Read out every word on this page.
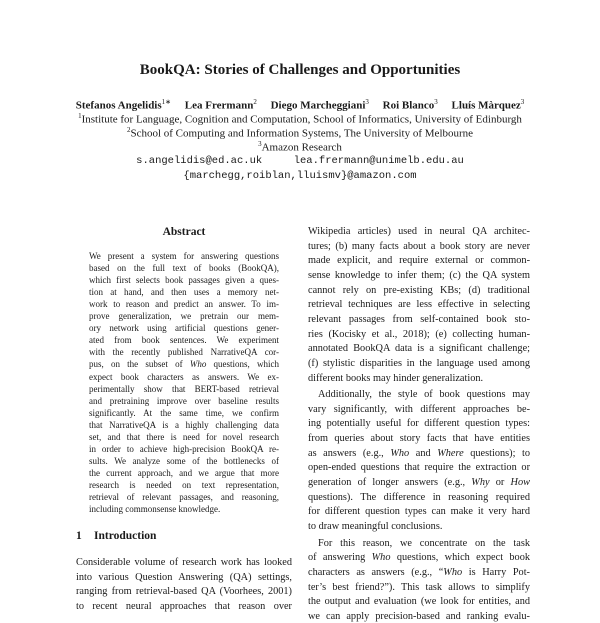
BookQA: Stories of Challenges and Opportunities
Stefanos Angelidis$^{1∗}$ Lea Frermann$^2$ Diego Marcheggiani$^3$ Roi Blanco$^3$ Lluís Màrquez$^3$
$^1$Institute for Language, Cognition and Computation, School of Informatics, University of Edinburgh
$^2$School of Computing and Information Systems, The University of Melbourne
$^3$Amazon Research
s.angelidis@ed.ac.uk     lea.frermann@unimelb.edu.au
{marchegg,roiblan,lluismv}@amazon.com
Abstract
We present a system for answering questions
based on the full text of books (BookQA),
which first selects book passages given a ques-
tion at hand, and then uses a memory net-
work to reason and predict an answer. To im-
prove generalization, we pretrain our mem-
ory network using artificial questions gener-
ated from book sentences. We experiment
with the recently published NarrativeQA cor-
pus, on the subset of Who questions, which
expect book characters as answers. We ex-
perimentally show that BERT-based retrieval
and pretraining improve over baseline results
significantly. At the same time, we confirm
that NarrativeQA is a highly challenging data
set, and that there is need for novel research
in order to achieve high-precision BookQA re-
sults. We analyze some of the bottlenecks of
the current approach, and we argue that more
research is needed on text representation,
retrieval of relevant passages, and reasoning,
including commonsense knowledge.
1 Introduction
Considerable volume of research work has looked
into various Question Answering (QA) settings,
ranging from retrieval-based QA (Voorhees, 2001)
to recent neural approaches that reason over
Wikipedia articles) used in neural QA architec-
tures; (b) many facts about a book story are never
made explicit, and require external or common-
sense knowledge to infer them; (c) the QA system
cannot rely on pre-existing KBs; (d) traditional
retrieval techniques are less effective in selecting
relevant passages from self-contained book sto-
ries (Kocisky et al., 2018); (e) collecting human-
annotated BookQA data is a significant challenge;
(f) stylistic disparities in the language used among
different books may hinder generalization.
Additionally, the style of book questions may
vary significantly, with different approaches be-
ing potentially useful for different question types:
from queries about story facts that have entities
as answers (e.g., Who and Where questions); to
open-ended questions that require the extraction or
generation of longer answers (e.g., Why or How
questions). The difference in reasoning required
for different question types can make it very hard
to draw meaningful conclusions.
For this reason, we concentrate on the task
of answering Who questions, which expect book
characters as answers (e.g., “Who is Harry Pot-
ter’s best friend?”). This task allows to simplify
the output and evaluation (we look for entities, and
we can apply precision-based and ranking evalu-
